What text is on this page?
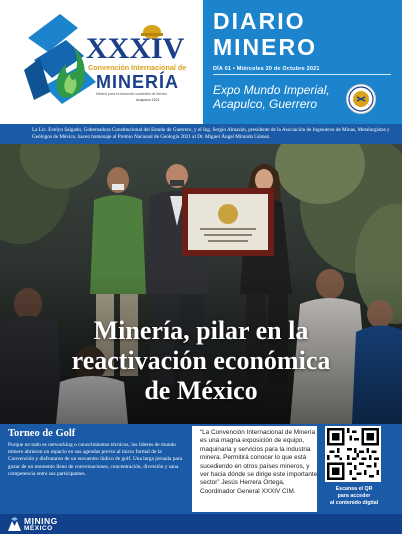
XXXIV
Convención Internacional de
MINERÍA
Minería para el desarrollo sostenible de México
Acapulco 2021
DIARIO
MINERO
DÍA 01 • Miércoles 20 de Octubre 2021
Expo Mundo Imperial,
Acapulco, Guerrero
La Lic. Evelyn Salgado, Gobernadora Constitucional del Estado de Guerrero, y el Ing. Sergio Almazán, presidente de la Asociación de Ingenieros de Minas, Metalurgistas y Geólogos de México, hacen homenaje al Premio Nacional de Geología 2021 al Dr. Miguel Ángel Miranda Gómez.
Minería, pilar en la
reactivación económica
de México
Torneo de Golf
Porque no todo es networking o conocimientos técnicos, los líderes de mundo minero abrieron un espacio en sus agendas previo al inicio formal de la Convención y disfrutaron de un encuentro lúdico de golf. Una larga jornada para gozar de un momento lleno de conversaciones, concentración, diversión y sana competencia entre sus participantes.
“La Convención Internacional de Minería es una magna exposición de equipo, maquinaria y servicios para la industria minera. Permitirá conocer lo que está sucediendo en otros países mineros, y ver hacia dónde se dirige este importante sector” Jesús Herrera Ortega, Coordinador General XXXIV CIM.	Escanea el QR
para acceder
al contenido digital
MINING
MÉXICO
